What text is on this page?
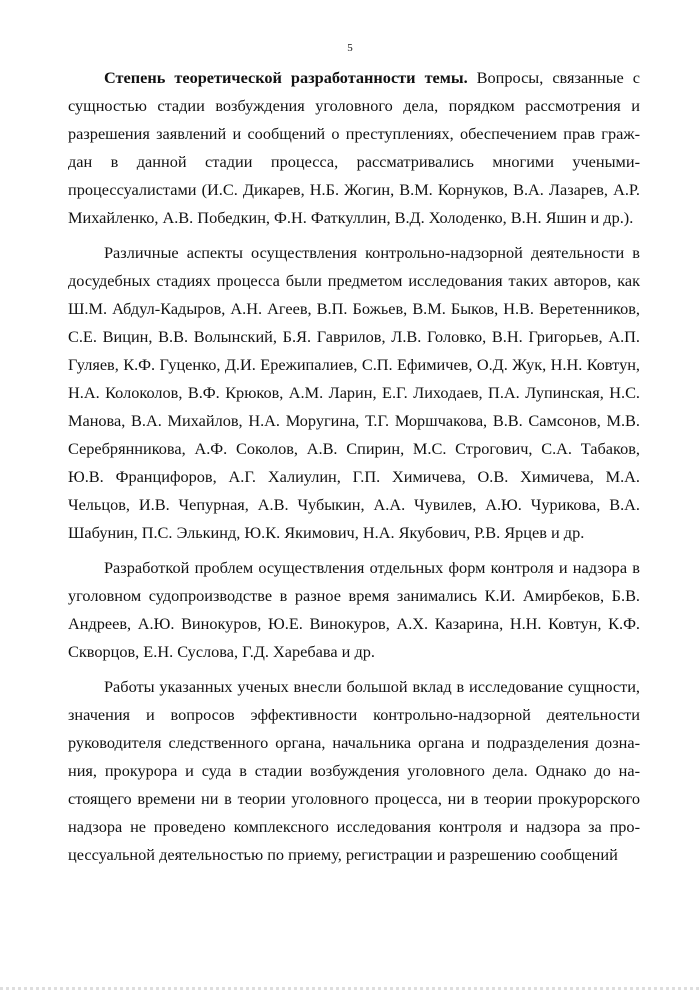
5

Степень теоретической разработанности темы. Вопросы, связанные с сущностью стадии возбуждения уголовного дела, порядком рассмотрения и разрешения заявлений и сообщений о преступлениях, обеспечением прав граждан в данной стадии процесса, рассматривались многими учеными-процессуалистами (И.С. Дикарев, Н.Б. Жогин, В.М. Корнуков, В.А. Лазарев, А.Р. Михайленко, А.В. Победкин, Ф.Н. Фаткуллин, В.Д. Холоденко, В.Н. Яшин и др.).

Различные аспекты осуществления контрольно-надзорной деятельности в досудебных стадиях процесса были предметом исследования таких авторов, как Ш.М. Абдул-Кадыров, А.Н. Агеев, В.П. Божьев, В.М. Быков, Н.В. Веретенников, С.Е. Вицин, В.В. Волынский, Б.Я. Гаврилов, Л.В. Головко, В.Н. Григорьев, А.П. Гуляев, К.Ф. Гуценко, Д.И. Ережипалиев, С.П. Ефимичев, О.Д. Жук, Н.Н. Ковтун, Н.А. Колоколов, В.Ф. Крюков, А.М. Ларин, Е.Г. Лиходаев, П.А. Лупинская, Н.С. Манова, В.А. Михайлов, Н.А. Моругина, Т.Г. Моршчакова, В.В. Самсонов, М.В. Серебрянникова, А.Ф. Соколов, А.В. Спирин, М.С. Строгович, С.А. Табаков, Ю.В. Францифоров, А.Г. Халиулин, Г.П. Химичева, О.В. Химичева, М.А. Чельцов, И.В. Чепурная, А.В. Чубыкин, А.А. Чувилев, А.Ю. Чурикова, В.А. Шабунин, П.С. Элькинд, Ю.К. Якимович, Н.А. Якубович, Р.В. Ярцев и др.

Разработкой проблем осуществления отдельных форм контроля и надзора в уголовном судопроизводстве в разное время занимались К.И. Амирбеков, Б.В. Андреев, А.Ю. Винокуров, Ю.Е. Винокуров, А.Х. Казарина, Н.Н. Ковтун, К.Ф. Скворцов, Е.Н. Суслова, Г.Д. Харебава и др.

Работы указанных ученых внесли большой вклад в исследование сущности, значения и вопросов эффективности контрольно-надзорной деятельности руководителя следственного органа, начальника органа и подразделения дознания, прокурора и суда в стадии возбуждения уголовного дела. Однако до настоящего времени ни в теории уголовного процесса, ни в теории прокурорского надзора не проведено комплексного исследования контроля и надзора за процессуальной деятельностью по приему, регистрации и разрешению сообщений
